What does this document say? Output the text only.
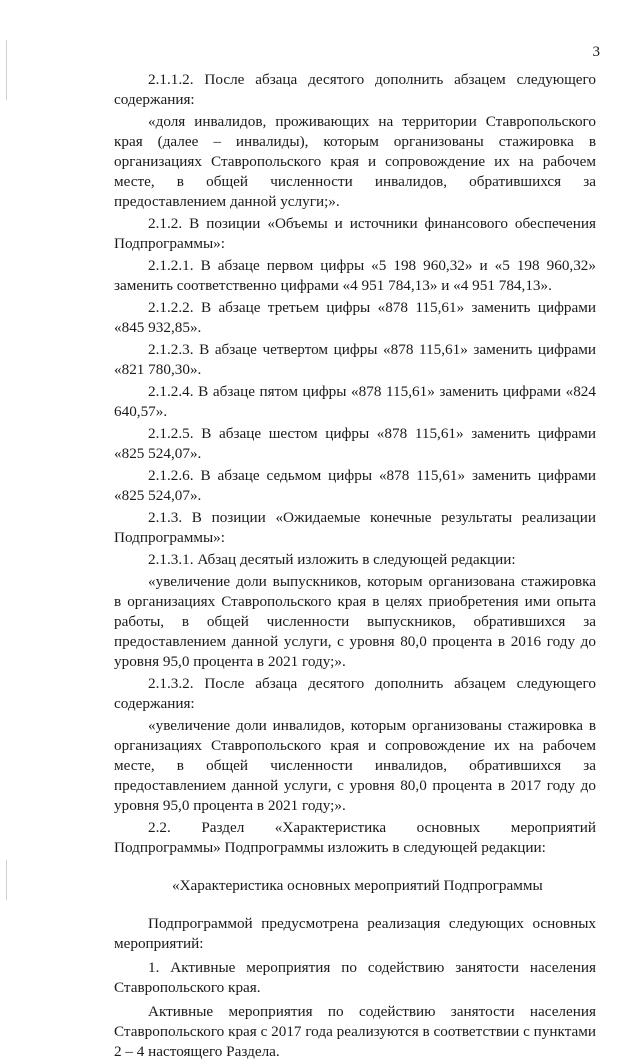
3

2.1.1.2. После абзаца десятого дополнить абзацем следующего содержания:

«доля инвалидов, проживающих на территории Ставропольского края (далее – инвалиды), которым организованы стажировка в организациях Ставропольского края и сопровождение их на рабочем месте, в общей численности инвалидов, обратившихся за предоставлением данной услуги;».

2.1.2. В позиции «Объемы и источники финансового обеспечения Подпрограммы»:

2.1.2.1. В абзаце первом цифры «5 198 960,32» и «5 198 960,32» заменить соответственно цифрами «4 951 784,13» и «4 951 784,13».

2.1.2.2. В абзаце третьем цифры «878 115,61» заменить цифрами «845 932,85».

2.1.2.3. В абзаце четвертом цифры «878 115,61» заменить цифрами «821 780,30».

2.1.2.4. В абзаце пятом цифры «878 115,61» заменить цифрами «824 640,57».

2.1.2.5. В абзаце шестом цифры «878 115,61» заменить цифрами «825 524,07».

2.1.2.6. В абзаце седьмом цифры «878 115,61» заменить цифрами «825 524,07».

2.1.3. В позиции «Ожидаемые конечные результаты реализации Подпрограммы»:

2.1.3.1. Абзац десятый изложить в следующей редакции:

«увеличение доли выпускников, которым организована стажировка в организациях Ставропольского края в целях приобретения ими опыта работы, в общей численности выпускников, обратившихся за предоставлением данной услуги, с уровня 80,0 процента в 2016 году до уровня 95,0 процента в 2021 году;».

2.1.3.2. После абзаца десятого дополнить абзацем следующего содержания:

«увеличение доли инвалидов, которым организованы стажировка в организациях Ставропольского края и сопровождение их на рабочем месте, в общей численности инвалидов, обратившихся за предоставлением данной услуги, с уровня 80,0 процента в 2017 году до уровня 95,0 процента в 2021 году;».

2.2. Раздел «Характеристика основных мероприятий Подпрограммы» Подпрограммы изложить в следующей редакции:

«Характеристика основных мероприятий Подпрограммы

Подпрограммой предусмотрена реализация следующих основных мероприятий:

1. Активные мероприятия по содействию занятости населения Ставропольского края.

Активные мероприятия по содействию занятости населения Ставропольского края с 2017 года реализуются в соответствии с пунктами 2 – 4 настоящего Раздела.
